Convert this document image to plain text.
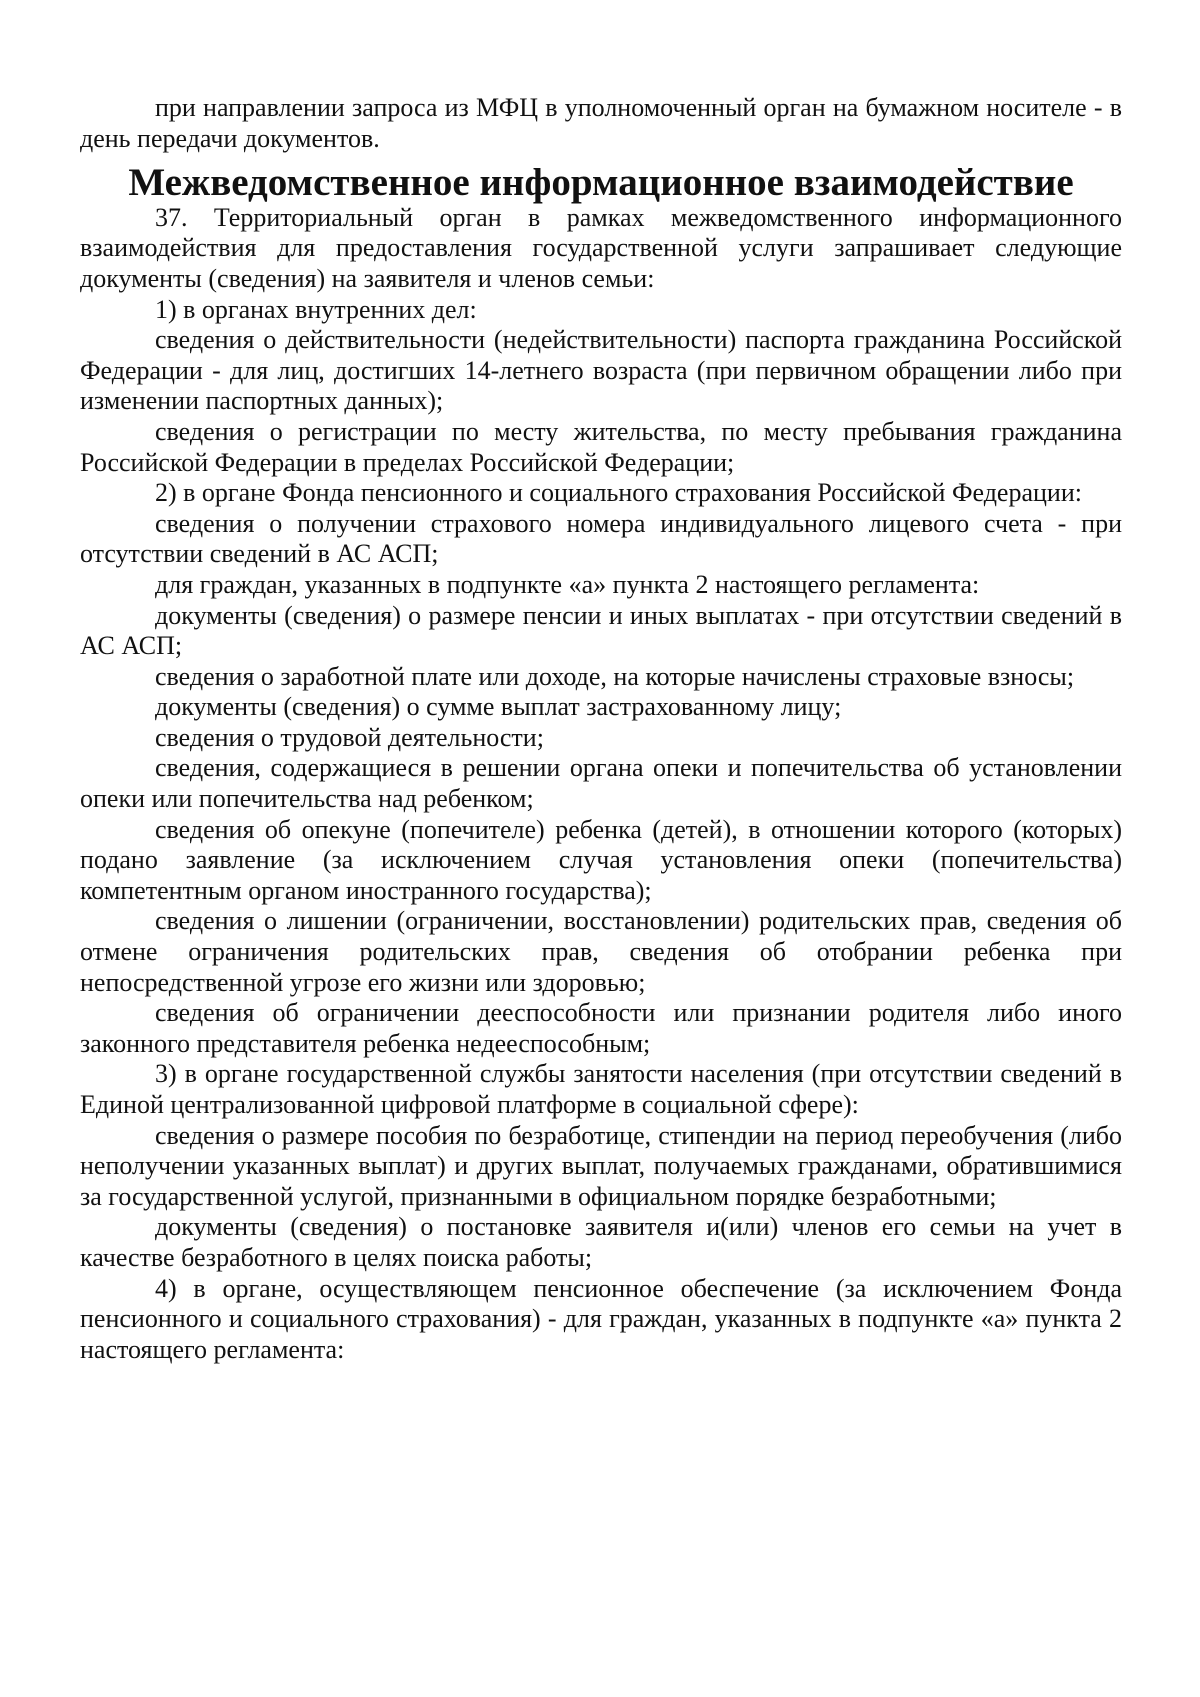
при направлении запроса из МФЦ в уполномоченный орган на бумажном носителе - в день передачи документов.

Межведомственное информационное взаимодействие

37. Территориальный орган в рамках межведомственного информационного взаимодействия для предоставления государственной услуги запрашивает следующие документы (сведения) на заявителя и членов семьи:

1) в органах внутренних дел:

сведения о действительности (недействительности) паспорта гражданина Российской Федерации - для лиц, достигших 14-летнего возраста (при первичном обращении либо при изменении паспортных данных);

сведения о регистрации по месту жительства, по месту пребывания гражданина Российской Федерации в пределах Российской Федерации;

2) в органе Фонда пенсионного и социального страхования Российской Федерации:

сведения о получении страхового номера индивидуального лицевого счета - при отсутствии сведений в АС АСП;

для граждан, указанных в подпункте «а» пункта 2 настоящего регламента:

документы (сведения) о размере пенсии и иных выплатах - при отсутствии сведений в АС АСП;

сведения о заработной плате или доходе, на которые начислены страховые взносы;

документы (сведения) о сумме выплат застрахованному лицу;

сведения о трудовой деятельности;

сведения, содержащиеся в решении органа опеки и попечительства об установлении опеки или попечительства над ребенком;

сведения об опекуне (попечителе) ребенка (детей), в отношении которого (которых) подано заявление (за исключением случая установления опеки (попечительства) компетентным органом иностранного государства);

сведения о лишении (ограничении, восстановлении) родительских прав, сведения об отмене ограничения родительских прав, сведения об отобрании ребенка при непосредственной угрозе его жизни или здоровью;

сведения об ограничении дееспособности или признании родителя либо иного законного представителя ребенка недееспособным;

3) в органе государственной службы занятости населения (при отсутствии сведений в Единой централизованной цифровой платформе в социальной сфере):

сведения о размере пособия по безработице, стипендии на период переобучения (либо неполучении указанных выплат) и других выплат, получаемых гражданами, обратившимися за государственной услугой, признанными в официальном порядке безработными;

документы (сведения) о постановке заявителя и(или) членов его семьи на учет в качестве безработного в целях поиска работы;

4) в органе, осуществляющем пенсионное обеспечение (за исключением Фонда пенсионного и социального страхования) - для граждан, указанных в подпункте «а» пункта 2 настоящего регламента:
